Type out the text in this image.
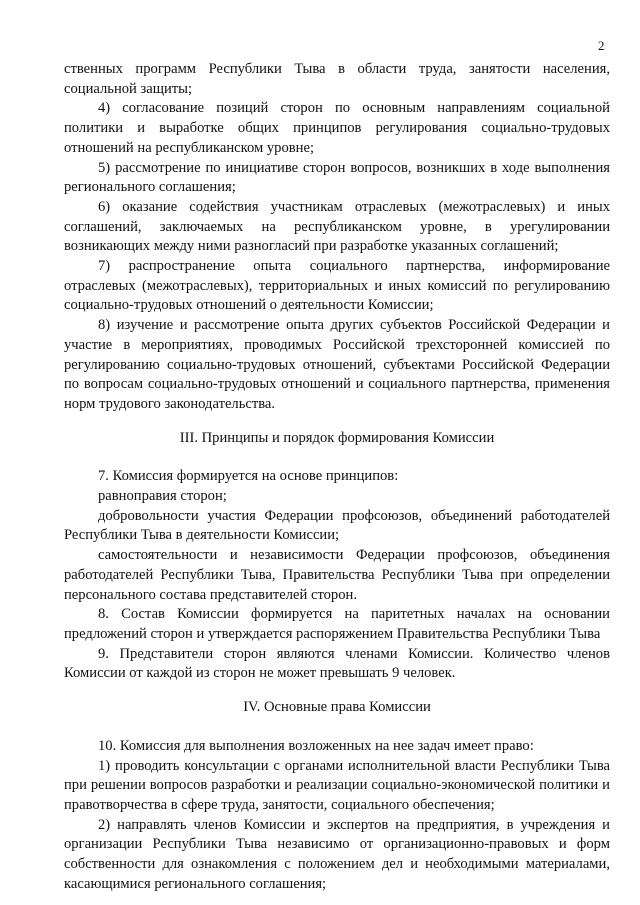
2

ственных программ Республики Тыва в области труда, занятости населения, социальной защиты;

4) согласование позиций сторон по основным направлениям социальной политики и выработке общих принципов регулирования социально-трудовых отношений на республиканском уровне;

5) рассмотрение по инициативе сторон вопросов, возникших в ходе выполнения регионального соглашения;

6) оказание содействия участникам отраслевых (межотраслевых) и иных соглашений, заключаемых на республиканском уровне, в урегулировании возникающих между ними разногласий при разработке указанных соглашений;

7) распространение опыта социального партнерства, информирование отраслевых (межотраслевых), территориальных и иных комиссий по регулированию социально-трудовых отношений о деятельности Комиссии;

8) изучение и рассмотрение опыта других субъектов Российской Федерации и участие в мероприятиях, проводимых Российской трехсторонней комиссией по регулированию социально-трудовых отношений, субъектами Российской Федерации по вопросам социально-трудовых отношений и социального партнерства, применения норм трудового законодательства.

III. Принципы и порядок формирования Комиссии

7. Комиссия формируется на основе принципов:

равноправия сторон;

добровольности участия Федерации профсоюзов, объединений работодателей Республики Тыва в деятельности Комиссии;

самостоятельности и независимости Федерации профсоюзов, объединения работодателей Республики Тыва, Правительства Республики Тыва при определении персонального состава представителей сторон.

8. Состав Комиссии формируется на паритетных началах на основании предложений сторон и утверждается распоряжением Правительства Республики Тыва

9. Представители сторон являются членами Комиссии. Количество членов Комиссии от каждой из сторон не может превышать 9 человек.

IV. Основные права Комиссии

10. Комиссия для выполнения возложенных на нее задач имеет право:

1) проводить консультации с органами исполнительной власти Республики Тыва при решении вопросов разработки и реализации социально-экономической политики и правотворчества в сфере труда, занятости, социального обеспечения;

2) направлять членов Комиссии и экспертов на предприятия, в учреждения и организации Республики Тыва независимо от организационно-правовых и форм собственности для ознакомления с положением дел и необходимыми материалами, касающимися регионального соглашения;
